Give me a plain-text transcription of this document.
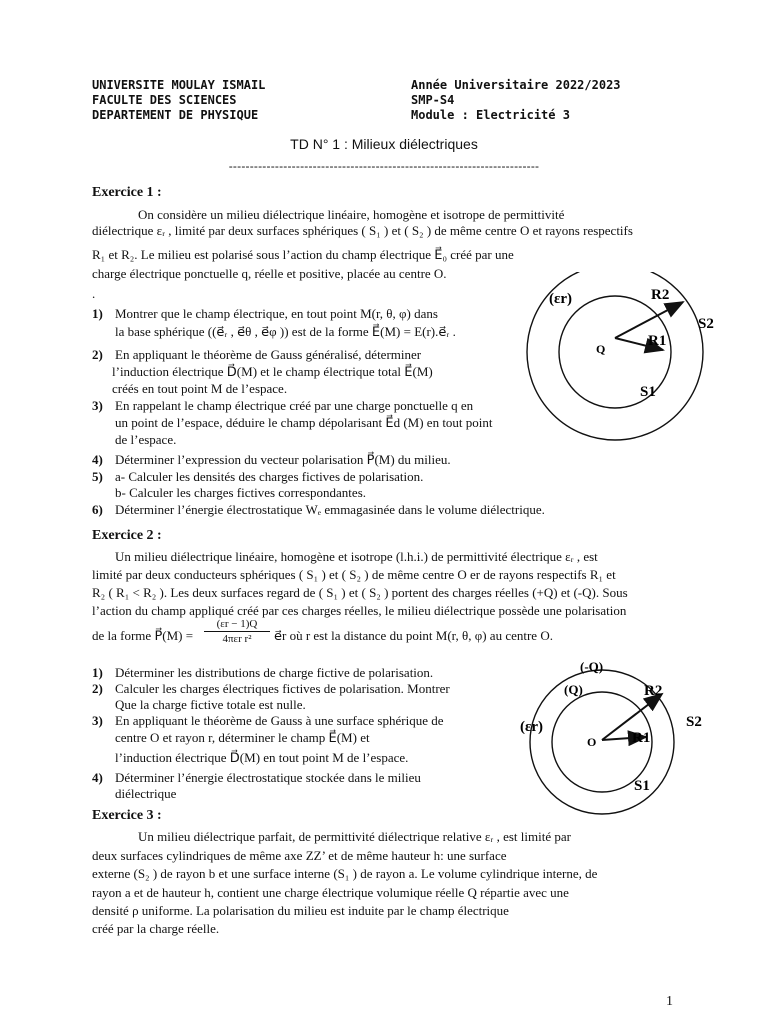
UNIVERSITE MOULAY ISMAIL
FACULTE DES SCIENCES
DEPARTEMENT DE PHYSIQUE
Année Universitaire 2022/2023
SMP-S4
Module : Electricité 3
TD N° 1 : Milieux diélectriques
--------------------------------------------------------------------------
Exercice 1 :
On considère un milieu diélectrique linéaire, homogène et isotrope de permittivité
diélectrique εᵣ , limité par deux surfaces sphériques ( S₁ ) et ( S₂ ) de même centre O et rayons respectifs
R₁ et R₂. Le milieu est polarisé sous l’action du champ électrique E⃗₀ créé par une
charge électrique ponctuelle q, réelle et positive, placée au centre O.
.
1) Montrer que le champ électrique, en tout point M(r, θ, φ) dans
la base sphérique ((e⃗ᵣ , e⃗θ , e⃗φ )) est de la forme E⃗(M) = E(r).e⃗ᵣ .
2) En appliquant le théorème de Gauss généralisé, déterminer
l’induction électrique D⃗(M) et le champ électrique total E⃗(M)
créés en tout point M de l’espace.
3) En rappelant le champ électrique créé par une charge ponctuelle q en
un point de l’espace, déduire le champ dépolarisant E⃗d (M) en tout point
de l’espace.
4) Déterminer l’expression du vecteur polarisation P⃗(M) du milieu.
5) a- Calculer les densités des charges fictives de polarisation.
b- Calculer les charges fictives correspondantes.
6) Déterminer l’énergie électrostatique Wₑ emmagasinée dans le volume diélectrique.
(εr)	R2
R1
Q
S2
S1
Exercice 2 :
Un milieu diélectrique linéaire, homogène et isotrope (l.h.i.) de permittivité électrique εᵣ , est
limité par deux conducteurs sphériques ( S₁ ) et ( S₂ ) de même centre O er de rayons respectifs R₁ et
R₂ ( R₁ < R₂ ). Les deux surfaces regard de ( S₁ ) et ( S₂ ) portent des charges réelles (+Q) et (-Q). Sous
l’action du champ appliqué créé par ces charges réelles, le milieu diélectrique possède une polarisation
de la forme P⃗(M) =
(εr − 1)Q
4πεr r²	e⃗r où r est la distance du point M(r, θ, φ) au centre O.
1) Déterminer les distributions de charge fictive de polarisation.
2) Calculer les charges électriques fictives de polarisation. Montrer
Que la charge fictive totale est nulle.
3) En appliquant le théorème de Gauss à une surface sphérique de
centre O et rayon r, déterminer le champ E⃗(M) et
l’induction électrique D⃗(M) en tout point M de l’espace.
4) Déterminer l’énergie électrostatique stockée dans le milieu
diélectrique
(-Q)
(Q)
(εr)
R2
R1
O
S2
S1
Exercice 3 :
Un milieu diélectrique parfait, de permittivité diélectrique relative εᵣ , est limité par
deux surfaces cylindriques de même axe ZZ’ et de même hauteur h: une surface
externe (S₂ ) de rayon b et une surface interne (S₁ ) de rayon a. Le volume cylindrique interne, de
rayon a et de hauteur h, contient une charge électrique volumique réelle Q répartie avec une
densité ρ uniforme. La polarisation du milieu est induite par le champ électrique
créé par la charge réelle.
1
